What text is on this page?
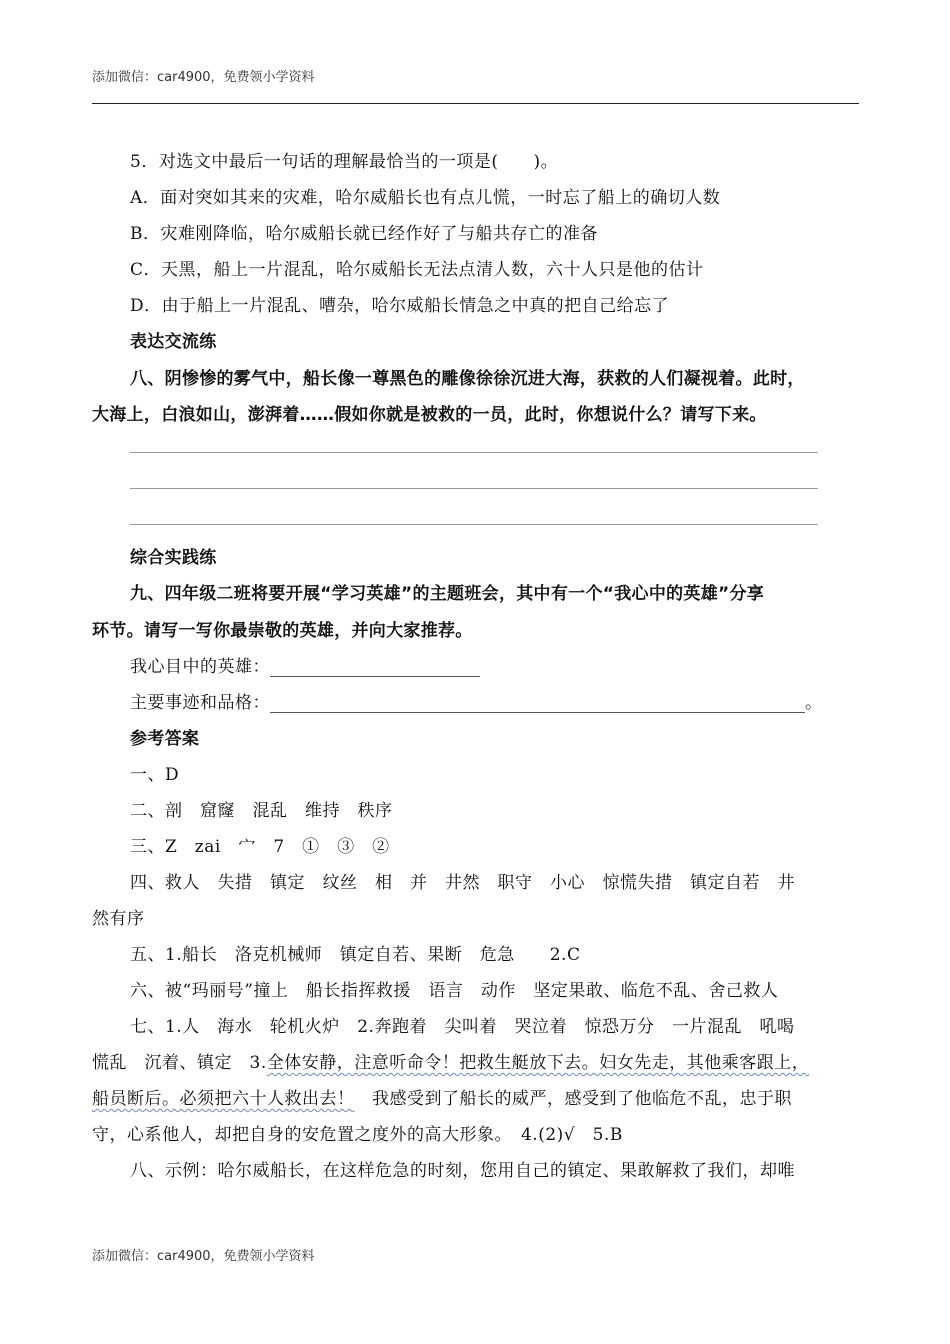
添加微信：car4900，免费领小学资料
5．对选文中最后一句话的理解最恰当的一项是(　　)。
A．面对突如其来的灾难，哈尔威船长也有点儿慌，一时忘了船上的确切人数
B．灾难刚降临，哈尔威船长就已经作好了与船共存亡的准备
C．天黑，船上一片混乱，哈尔威船长无法点清人数，六十人只是他的估计
D．由于船上一片混乱、嘈杂，哈尔威船长情急之中真的把自己给忘了
表达交流练
八、阴惨惨的雾气中，船长像一尊黑色的雕像徐徐沉进大海，获救的人们凝视着。此时，
大海上，白浪如山，澎湃着……假如你就是被救的一员，此时，你想说什么？请写下来。
综合实践练
九、四年级二班将要开展“学习英雄”的主题班会，其中有一个“我心中的英雄”分享
环节。请写一写你最崇敬的英雄，并向大家推荐。
我心目中的英雄：
主要事迹和品格：	。
参考答案
一、D
二、剖　窟窿　混乱　维持　秩序
三、Z　zai　宀　7　①　③　②
四、救人　失措　镇定　纹丝　相　并　井然　职守　小心　惊慌失措　镇定自若　井
然有序
五、1.船长　洛克机械师　镇定自若、果断　危急　　2.C
六、被“玛丽号”撞上　船长指挥救援　语言　动作　坚定果敢、临危不乱、舍己救人
七、1.人　海水　轮机火炉　2.奔跑着　尖叫着　哭泣着　惊恐万分　一片混乱　吼喝
慌乱　沉着、镇定　3.全体安静，注意听命令！把救生艇放下去。妇女先走，其他乘客跟上，
船员断后。必须把六十人救出去！　我感受到了船长的威严，感受到了他临危不乱，忠于职
守，心系他人，却把自身的安危置之度外的高大形象。　4.(2)√　5.B
八、示例：哈尔威船长，在这样危急的时刻，您用自己的镇定、果敢解救了我们，却唯
添加微信：car4900，免费领小学资料
